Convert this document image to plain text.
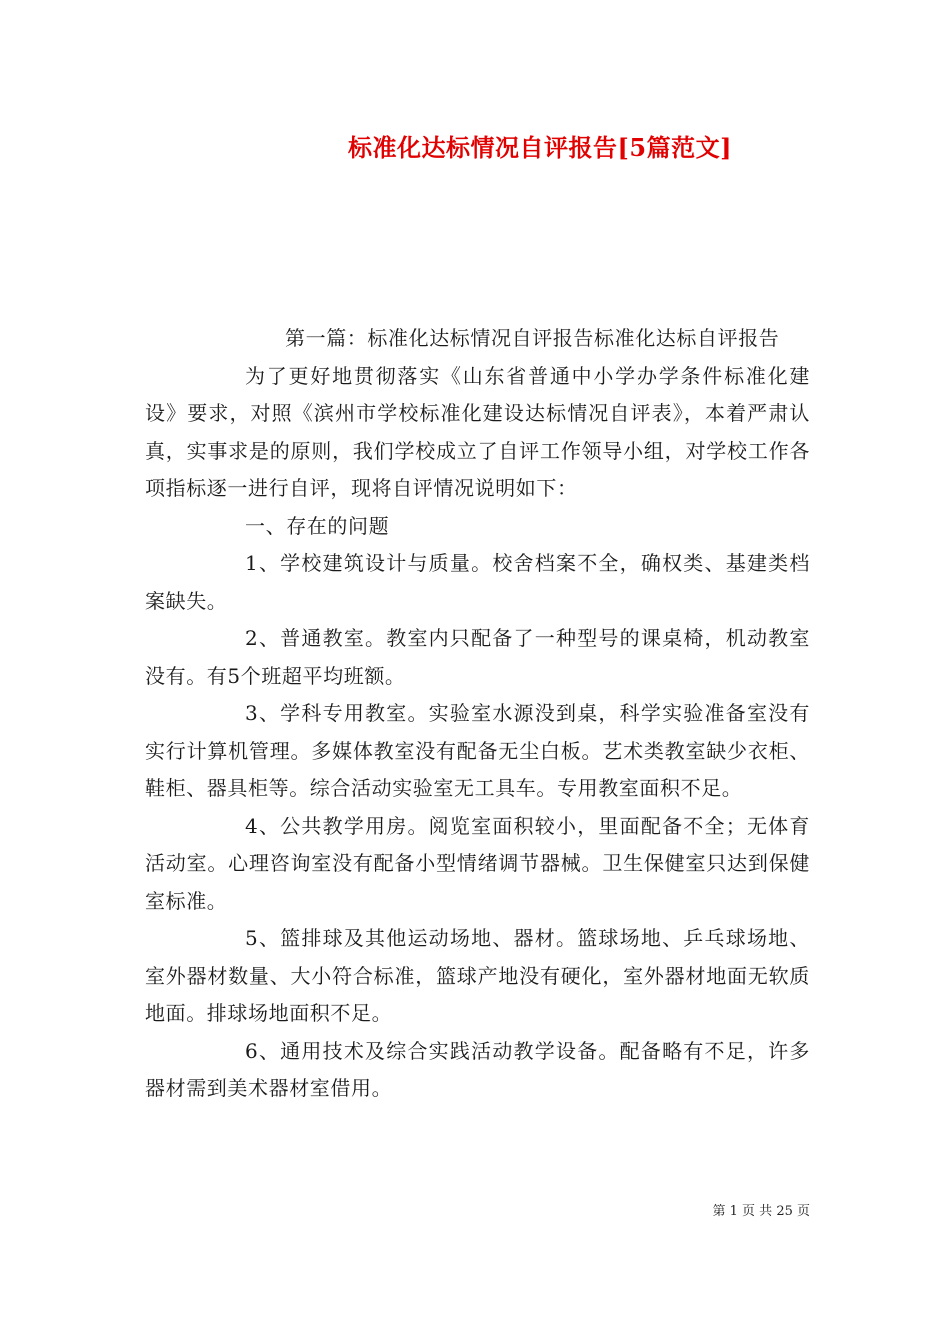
标准化达标情况自评报告[5篇范文]

第一篇：标准化达标情况自评报告标准化达标自评报告

为了更好地贯彻落实《山东省普通中小学办学条件标准化建设》要求，对照《滨州市学校标准化建设达标情况自评表》，本着严肃认真，实事求是的原则，我们学校成立了自评工作领导小组，对学校工作各项指标逐一进行自评，现将自评情况说明如下：

一、存在的问题

1、学校建筑设计与质量。校舍档案不全，确权类、基建类档案缺失。

2、普通教室。教室内只配备了一种型号的课桌椅，机动教室没有。有5个班超平均班额。

3、学科专用教室。实验室水源没到桌，科学实验准备室没有实行计算机管理。多媒体教室没有配备无尘白板。艺术类教室缺少衣柜、鞋柜、器具柜等。综合活动实验室无工具车。专用教室面积不足。

4、公共教学用房。阅览室面积较小，里面配备不全；无体育活动室。心理咨询室没有配备小型情绪调节器械。卫生保健室只达到保健室标准。

5、篮排球及其他运动场地、器材。篮球场地、乒乓球场地、室外器材数量、大小符合标准，篮球产地没有硬化，室外器材地面无软质地面。排球场地面积不足。

6、通用技术及综合实践活动教学设备。配备略有不足，许多器材需到美术器材室借用。

第 1 页 共 25 页
